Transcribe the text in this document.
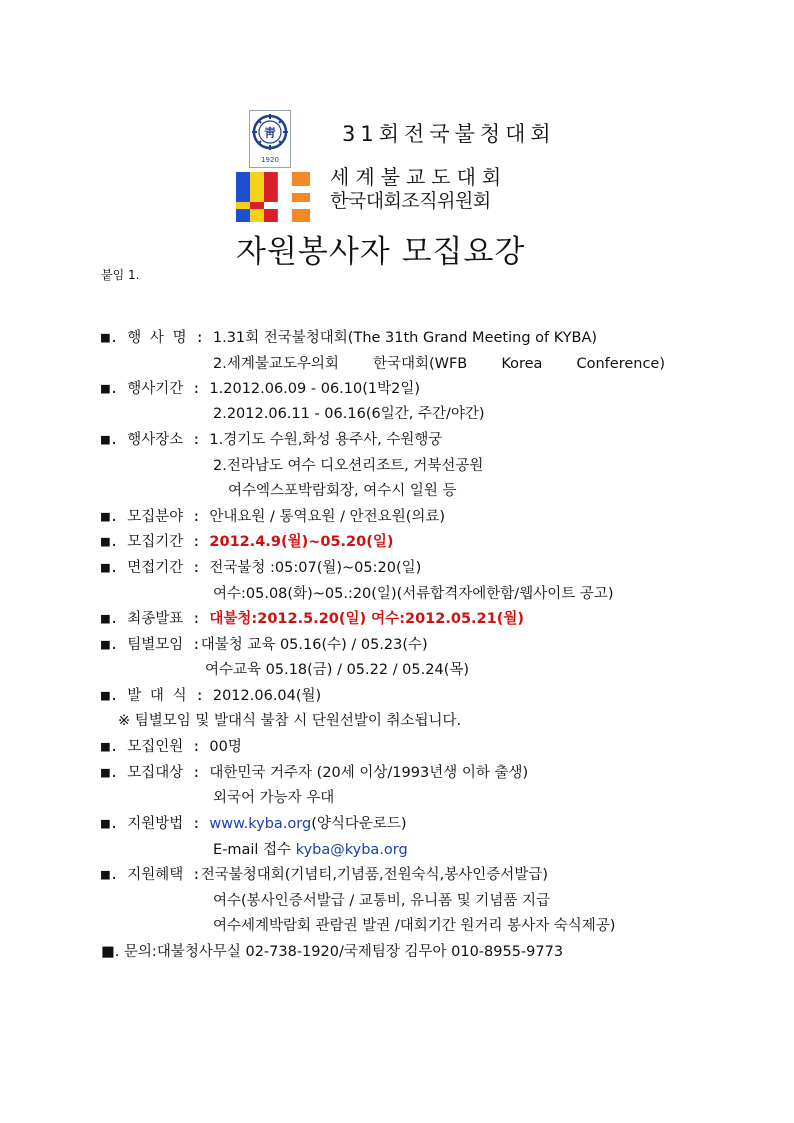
靑
1920
31회전국불청대회
세계불교도대회
한국대회조직위원회
자원봉사자 모집요강
붙임 1.
■. 행 사 명 : 1.31회 전국불청대회(The 31th Grand Meeting of KYBA)
2.세계불교도우의회 한국대회(WFB Korea Conference)
■. 행사기간 : 1.2012.06.09 - 06.10(1박2일)
2.2012.06.11 - 06.16(6일간, 주간/야간)
■. 행사장소 : 1.경기도 수원,화성 용주사, 수원행궁
2.전라남도 여수 디오션리조트, 거북선공원
여수엑스포박람회장, 여수시 일원 등
■. 모집분야 : 안내요원 / 통역요원 / 안전요원(의료)
■. 모집기간 : 2012.4.9(월)~05.20(일)
■. 면접기간 : 전국불청 :05:07(월)~05:20(일)
여수:05.08(화)~05.:20(일)(서류합격자에한함/웹사이트 공고)
■. 최종발표 : 대불청:2012.5.20(일) 여수:2012.05.21(월)
■. 팀별모임 :대불청 교육 05.16(수) / 05.23(수)
여수교육 05.18(금) / 05.22 / 05.24(목)
■. 발 대 식 : 2012.06.04(월)
※ 팀별모임 및 발대식 불참 시 단원선발이 취소됩니다.
■. 모집인원 : 00명
■. 모집대상 : 대한민국 거주자 (20세 이상/1993년생 이하 출생)
외국어 가능자 우대
■. 지원방법 : www.kyba.org(양식다운로드)
E-mail 접수 kyba@kyba.org
■. 지원혜택 :전국불청대회(기념티,기념품,전원숙식,봉사인증서발급)
여수(봉사인증서발급 / 교통비, 유니폼 및 기념품 지급
여수세계박람회 관람권 발권 /대회기간 원거리 봉사자 숙식제공)
■. 문의:대불청사무실 02-738-1920/국제팀장 김무아 010-8955-9773
